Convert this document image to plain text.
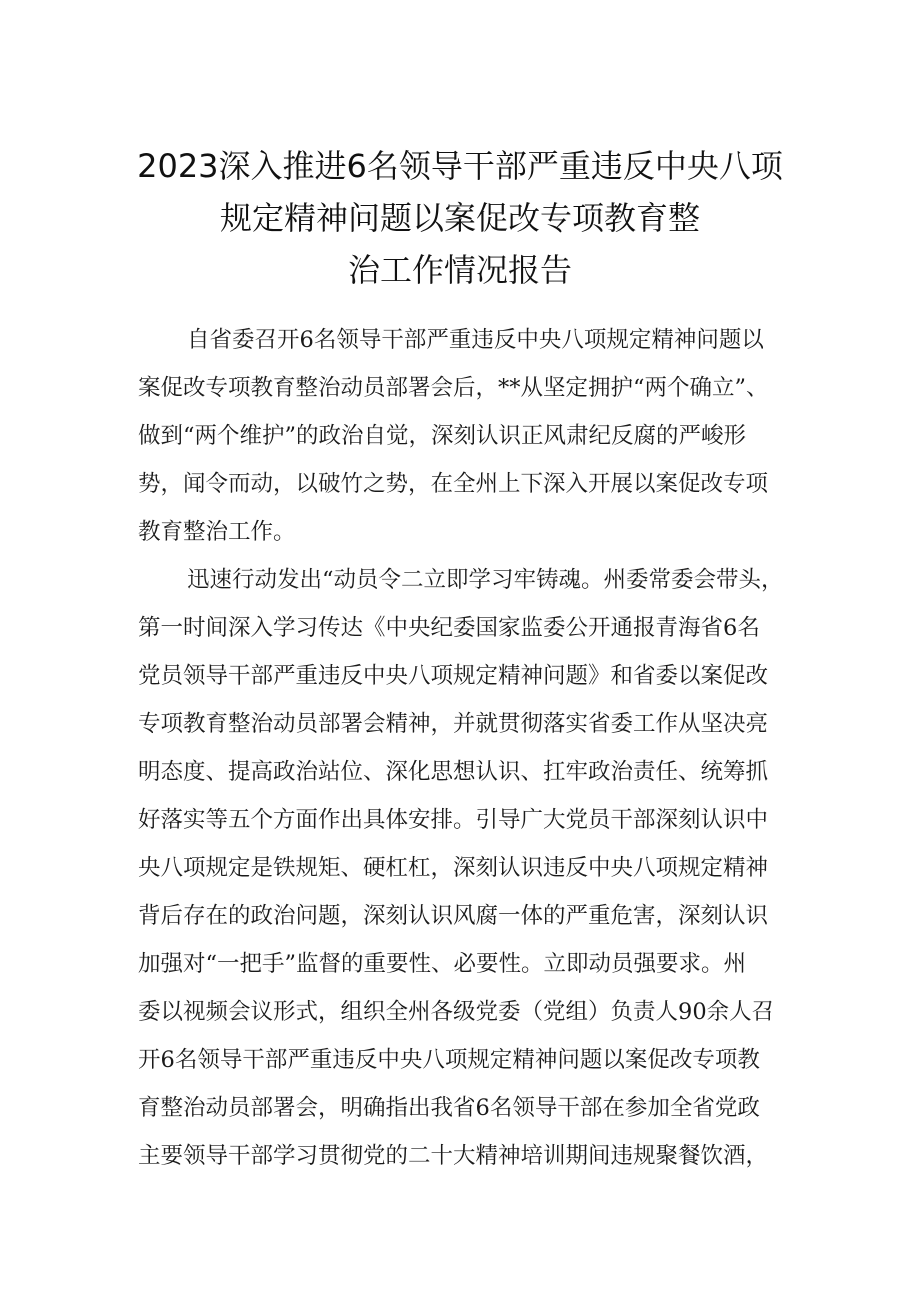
2023深入推进6名领导干部严重违反中央八项
规定精神问题以案促改专项教育整
治工作情况报告

自省委召开6名领导干部严重违反中央八项规定精神问题以

案促改专项教育整治动员部署会后，**从坚定拥护“两个确立”、

做到“两个维护”的政治自觉，深刻认识正风肃纪反腐的严峻形

势，闻令而动，以破竹之势，在全州上下深入开展以案促改专项

教育整治工作。

迅速行动发出“动员令二立即学习牢铸魂。州委常委会带头，

第一时间深入学习传达《中央纪委国家监委公开通报青海省6名

党员领导干部严重违反中央八项规定精神问题》和省委以案促改

专项教育整治动员部署会精神，并就贯彻落实省委工作从坚决亮

明态度、提高政治站位、深化思想认识、扛牢政治责任、统筹抓

好落实等五个方面作出具体安排。引导广大党员干部深刻认识中

央八项规定是铁规矩、硬杠杠，深刻认识违反中央八项规定精神

背后存在的政治问题，深刻认识风腐一体的严重危害，深刻认识

加强对“一把手”监督的重要性、必要性。立即动员强要求。州

委以视频会议形式，组织全州各级党委（党组）负责人90余人召

开6名领导干部严重违反中央八项规定精神问题以案促改专项教

育整治动员部署会，明确指出我省6名领导干部在参加全省党政

主要领导干部学习贯彻党的二十大精神培训期间违规聚餐饮酒，
